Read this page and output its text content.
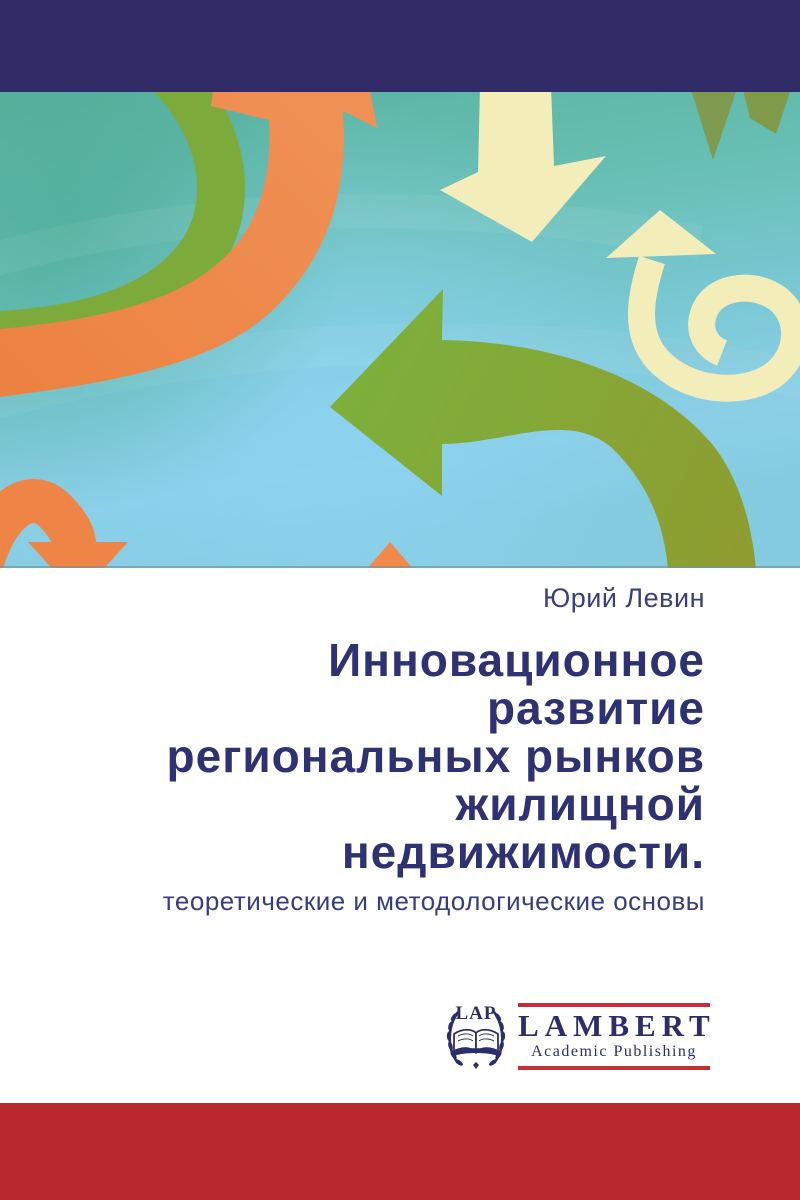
Юрий Левин
Инновационное
развитие
региональных рынков
жилищной
недвижимости.
теоретические и методологические основы
LAP LAMBERT
Academic Publishing
